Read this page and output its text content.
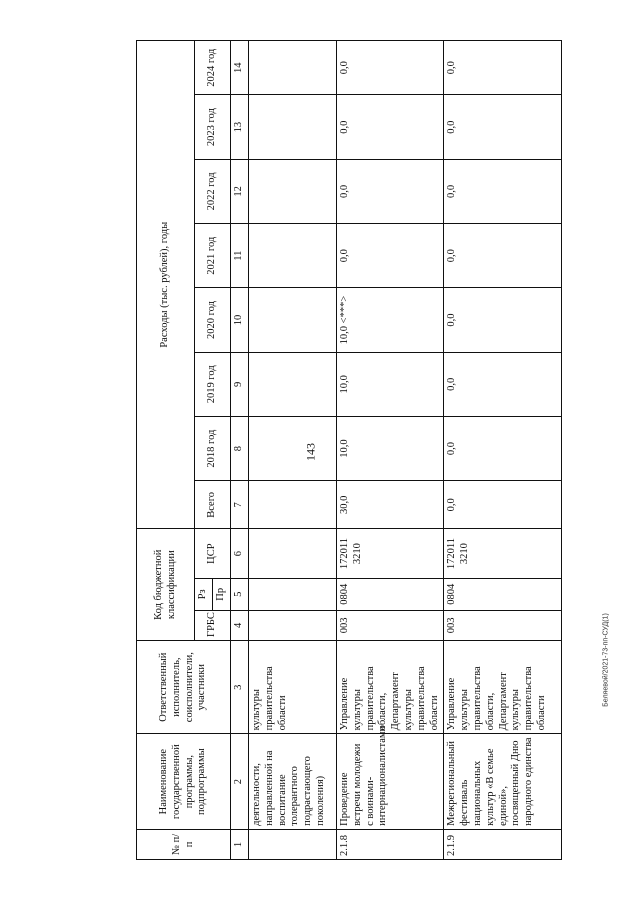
143
Беляевой/2021-73-пп-СУД(1)
№ п/п	Наименование государственной программы, подпрограммы	Ответственный исполнитель, соисполнители, участники	Код бюджетной классификации			Расходы (тыс. рублей), годы							
			ГРБС	Рз	ЦСР	Всего	2018 год	2019 год	2020 год	2021 год	2022 год	2023 год	2024 год
				Пр									
1	2	3	4	5	6	7	8	9	10	11	12	13	14
	деятельности, направленной на воспитание толерантного подрастающего поколения)	культуры правительства области											
2.1.8	Проведение встречи молодежи с воинами-интернационалистами	Управление культуры правительства области, Департамент культуры правительства области	003	0804	172011 3210	30,0	10,0	10,0	10,0 <***>	0,0	0,0	0,0	0,0
2.1.9	Межрегиональный фестиваль национальных культур «В семье единой», посвященный Дню народного единства	Управление культуры правительства области, Департамент культуры правительства области	003	0804	172011 3210	0,0	0,0	0,0	0,0	0,0	0,0	0,0	0,0
